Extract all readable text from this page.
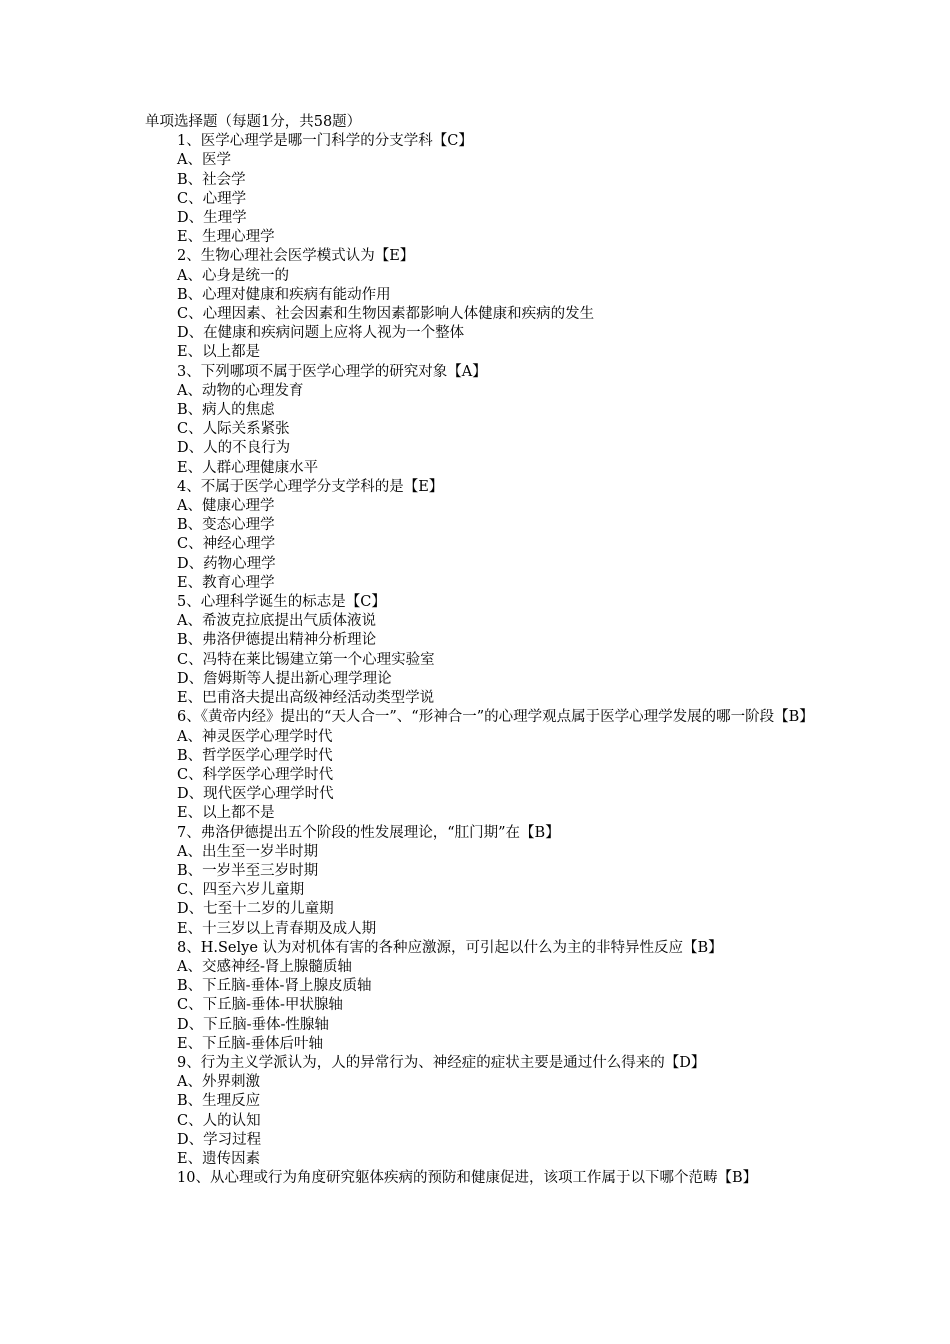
单项选择题（每题1分，共58题）
1、医学心理学是哪一门科学的分支学科【C】
A、医学
B、社会学
C、心理学
D、生理学
E、生理心理学
2、生物心理社会医学模式认为【E】
A、心身是统一的
B、心理对健康和疾病有能动作用
C、心理因素、社会因素和生物因素都影响人体健康和疾病的发生
D、在健康和疾病问题上应将人视为一个整体
E、以上都是
3、下列哪项不属于医学心理学的研究对象【A】
A、动物的心理发育
B、病人的焦虑
C、人际关系紧张
D、人的不良行为
E、人群心理健康水平
4、不属于医学心理学分支学科的是【E】
A、健康心理学
B、变态心理学
C、神经心理学
D、药物心理学
E、教育心理学
5、心理科学诞生的标志是【C】
A、希波克拉底提出气质体液说
B、弗洛伊德提出精神分析理论
C、冯特在莱比锡建立第一个心理实验室
D、詹姆斯等人提出新心理学理论
E、巴甫洛夫提出高级神经活动类型学说
6、《黄帝内经》提出的“天人合一”、“形神合一”的心理学观点属于医学心理学发展的哪一阶段【B】
A、神灵医学心理学时代
B、哲学医学心理学时代
C、科学医学心理学时代
D、现代医学心理学时代
E、以上都不是
7、弗洛伊德提出五个阶段的性发展理论，“肛门期”在【B】
A、出生至一岁半时期
B、一岁半至三岁时期
C、四至六岁儿童期
D、七至十二岁的儿童期
E、十三岁以上青春期及成人期
8、H.Selye 认为对机体有害的各种应激源，可引起以什么为主的非特异性反应【B】
A、交感神经-肾上腺髓质轴
B、下丘脑-垂体-肾上腺皮质轴
C、下丘脑-垂体-甲状腺轴
D、下丘脑-垂体-性腺轴
E、下丘脑-垂体后叶轴
9、行为主义学派认为，人的异常行为、神经症的症状主要是通过什么得来的【D】
A、外界刺激
B、生理反应
C、人的认知
D、学习过程
E、遗传因素
10、从心理或行为角度研究躯体疾病的预防和健康促进，该项工作属于以下哪个范畴【B】
